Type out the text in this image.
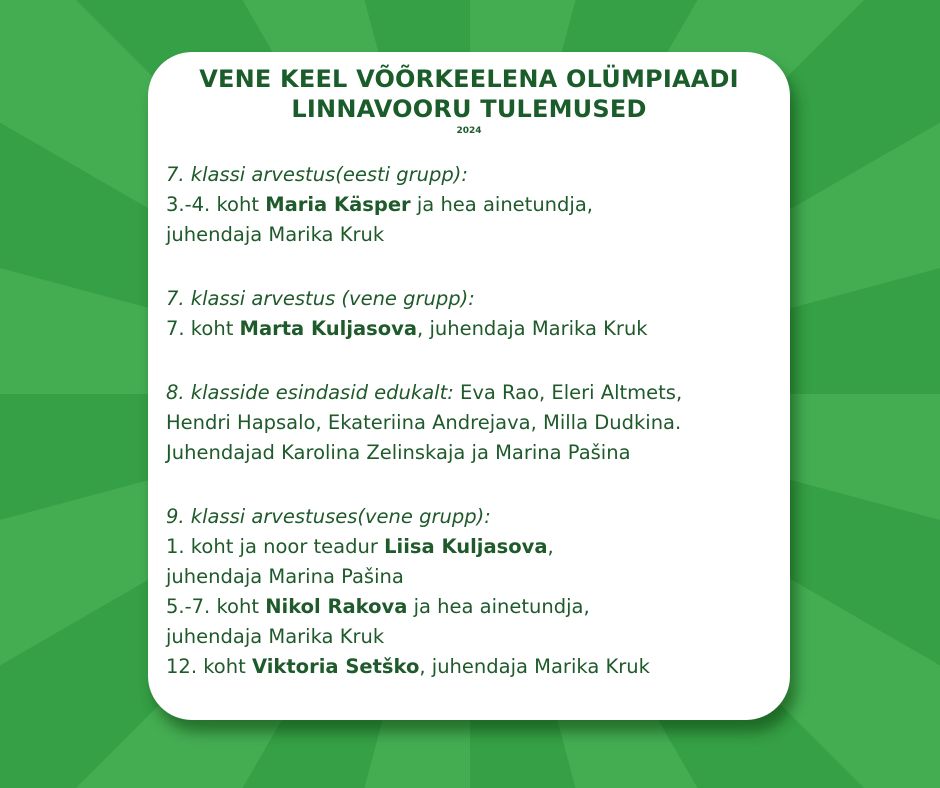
VENE KEEL VÕÕRKEELENA OLÜMPIAADI
LINNAVOORU TULEMUSED
2024
7. klassi arvestus(eesti grupp):
3.-4. koht Maria Käsper ja hea ainetundja,
juhendaja Marika Kruk
7. klassi arvestus (vene grupp):
7. koht Marta Kuljasova, juhendaja Marika Kruk
8. klasside esindasid edukalt: Eva Rao, Eleri Altmets,
Hendri Hapsalo, Ekateriina Andrejava, Milla Dudkina.
Juhendajad Karolina Zelinskaja ja Marina Pašina
9. klassi arvestuses(vene grupp):
1. koht ja noor teadur Liisa Kuljasova,
juhendaja Marina Pašina
5.-7. koht Nikol Rakova ja hea ainetundja,
juhendaja Marika Kruk
12. koht Viktoria Setško, juhendaja Marika Kruk
